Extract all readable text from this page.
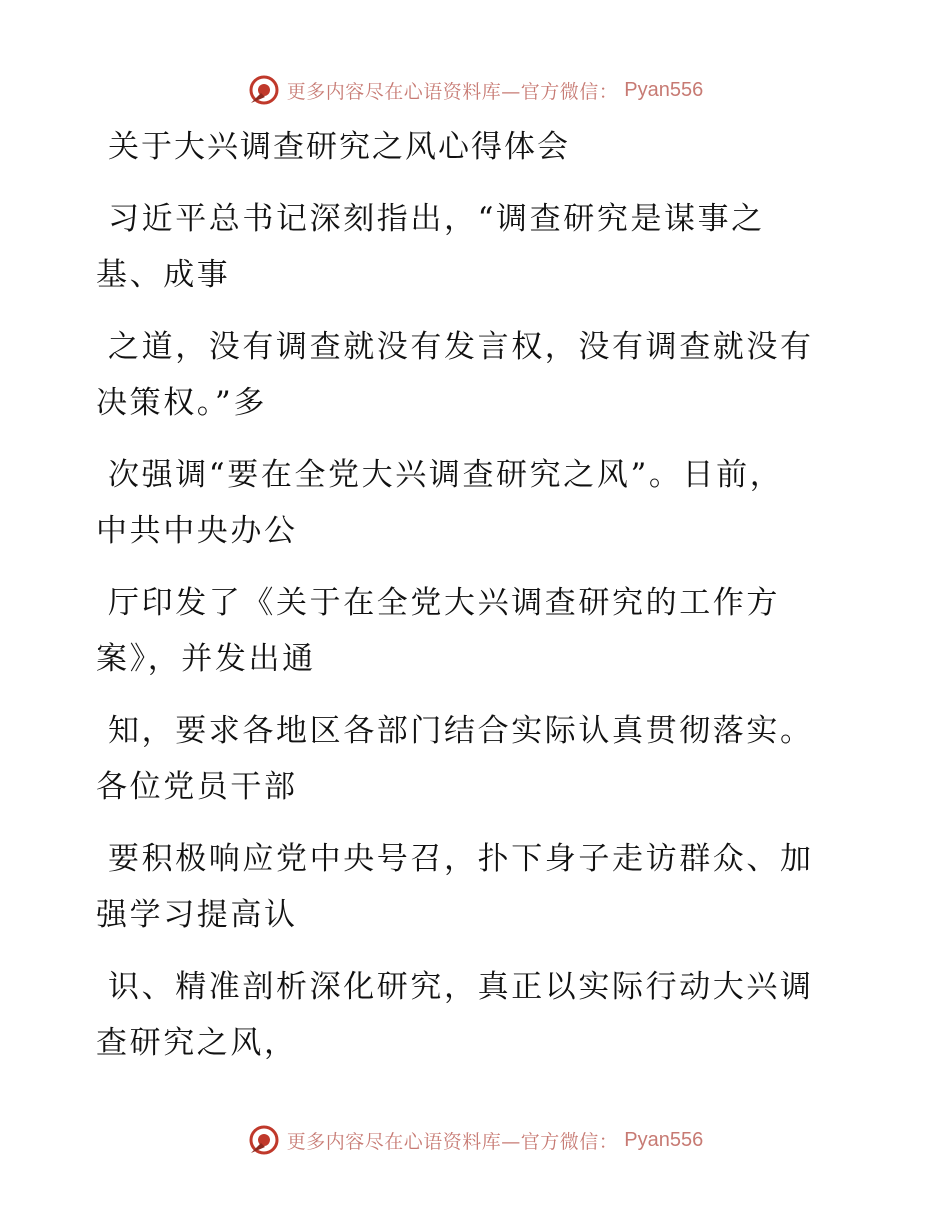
更多内容尽在心语资料库—官方微信： Pyan556
关于大兴调查研究之风心得体会

习近平总书记深刻指出，“调查研究是谋事之
基、成事

之道，没有调查就没有发言权，没有调查就没有
决策权。”多

次强调“要在全党大兴调查研究之风”。日前，
中共中央办公

厅印发了《关于在全党大兴调查研究的工作方
案》，并发出通

知，要求各地区各部门结合实际认真贯彻落实。
各位党员干部

要积极响应党中央号召，扑下身子走访群众、加
强学习提高认

识、精准剖析深化研究，真正以实际行动大兴调
查研究之风，

更多内容尽在心语资料库—官方微信： Pyan556
